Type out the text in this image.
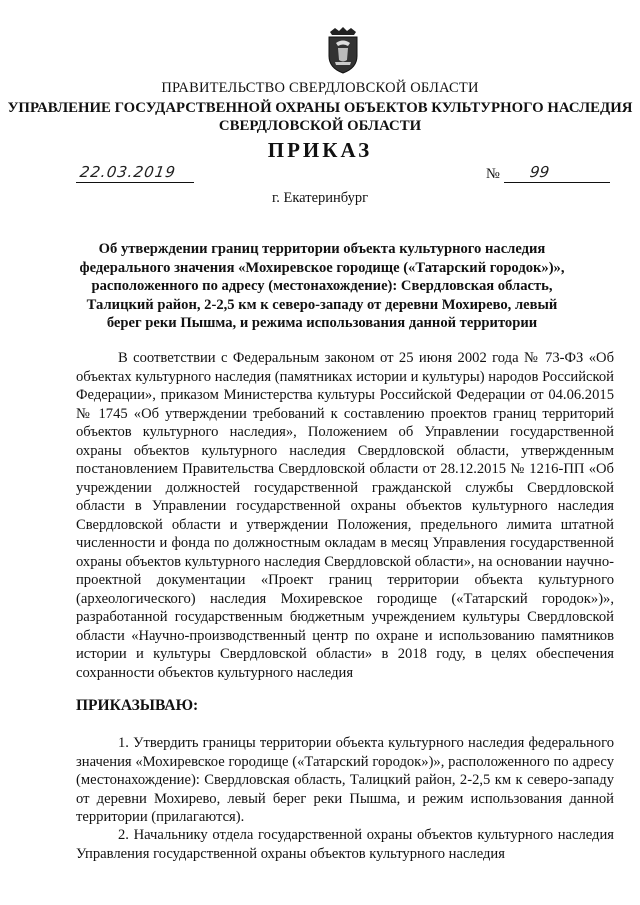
ПРАВИТЕЛЬСТВО СВЕРДЛОВСКОЙ ОБЛАСТИ
УПРАВЛЕНИЕ ГОСУДАРСТВЕННОЙ ОХРАНЫ ОБЪЕКТОВ КУЛЬТУРНОГО НАСЛЕДИЯ СВЕРДЛОВСКОЙ ОБЛАСТИ
ПРИКАЗ
22.03.2019	№ 99
г. Екатеринбург
Об утверждении границ территории объекта культурного наследия федерального значения «Мохиревское городище («Татарский городок»)», расположенного по адресу (местонахождение): Свердловская область, Талицкий район, 2-2,5 км к северо-западу от деревни Мохирево, левый берег реки Пышма, и режима использования данной территории
В соответствии с Федеральным законом от 25 июня 2002 года № 73-ФЗ «Об объектах культурного наследия (памятниках истории и культуры) народов Российской Федерации», приказом Министерства культуры Российской Федерации от 04.06.2015 № 1745 «Об утверждении требований к составлению проектов границ территорий объектов культурного наследия», Положением об Управлении государственной охраны объектов культурного наследия Свердловской области, утвержденным постановлением Правительства Свердловской области от 28.12.2015 № 1216-ПП «Об учреждении должностей государственной гражданской службы Свердловской области в Управлении государственной охраны объектов культурного наследия Свердловской области и утверждении Положения, предельного лимита штатной численности и фонда по должностным окладам в месяц Управления государственной охраны объектов культурного наследия Свердловской области», на основании научно-проектной документации «Проект границ территории объекта культурного (археологического) наследия Мохиревское городище («Татарский городок»)», разработанной государственным бюджетным учреждением культуры Свердловской области «Научно-производственный центр по охране и использованию памятников истории и культуры Свердловской области» в 2018 году, в целях обеспечения сохранности объектов культурного наследия
ПРИКАЗЫВАЮ:
1. Утвердить границы территории объекта культурного наследия федерального значения «Мохиревское городище («Татарский городок»)», расположенного по адресу (местонахождение): Свердловская область, Талицкий район, 2-2,5 км к северо-западу от деревни Мохирево, левый берег реки Пышма, и режим использования данной территории (прилагаются).
2. Начальнику отдела государственной охраны объектов культурного наследия Управления государственной охраны объектов культурного наследия
